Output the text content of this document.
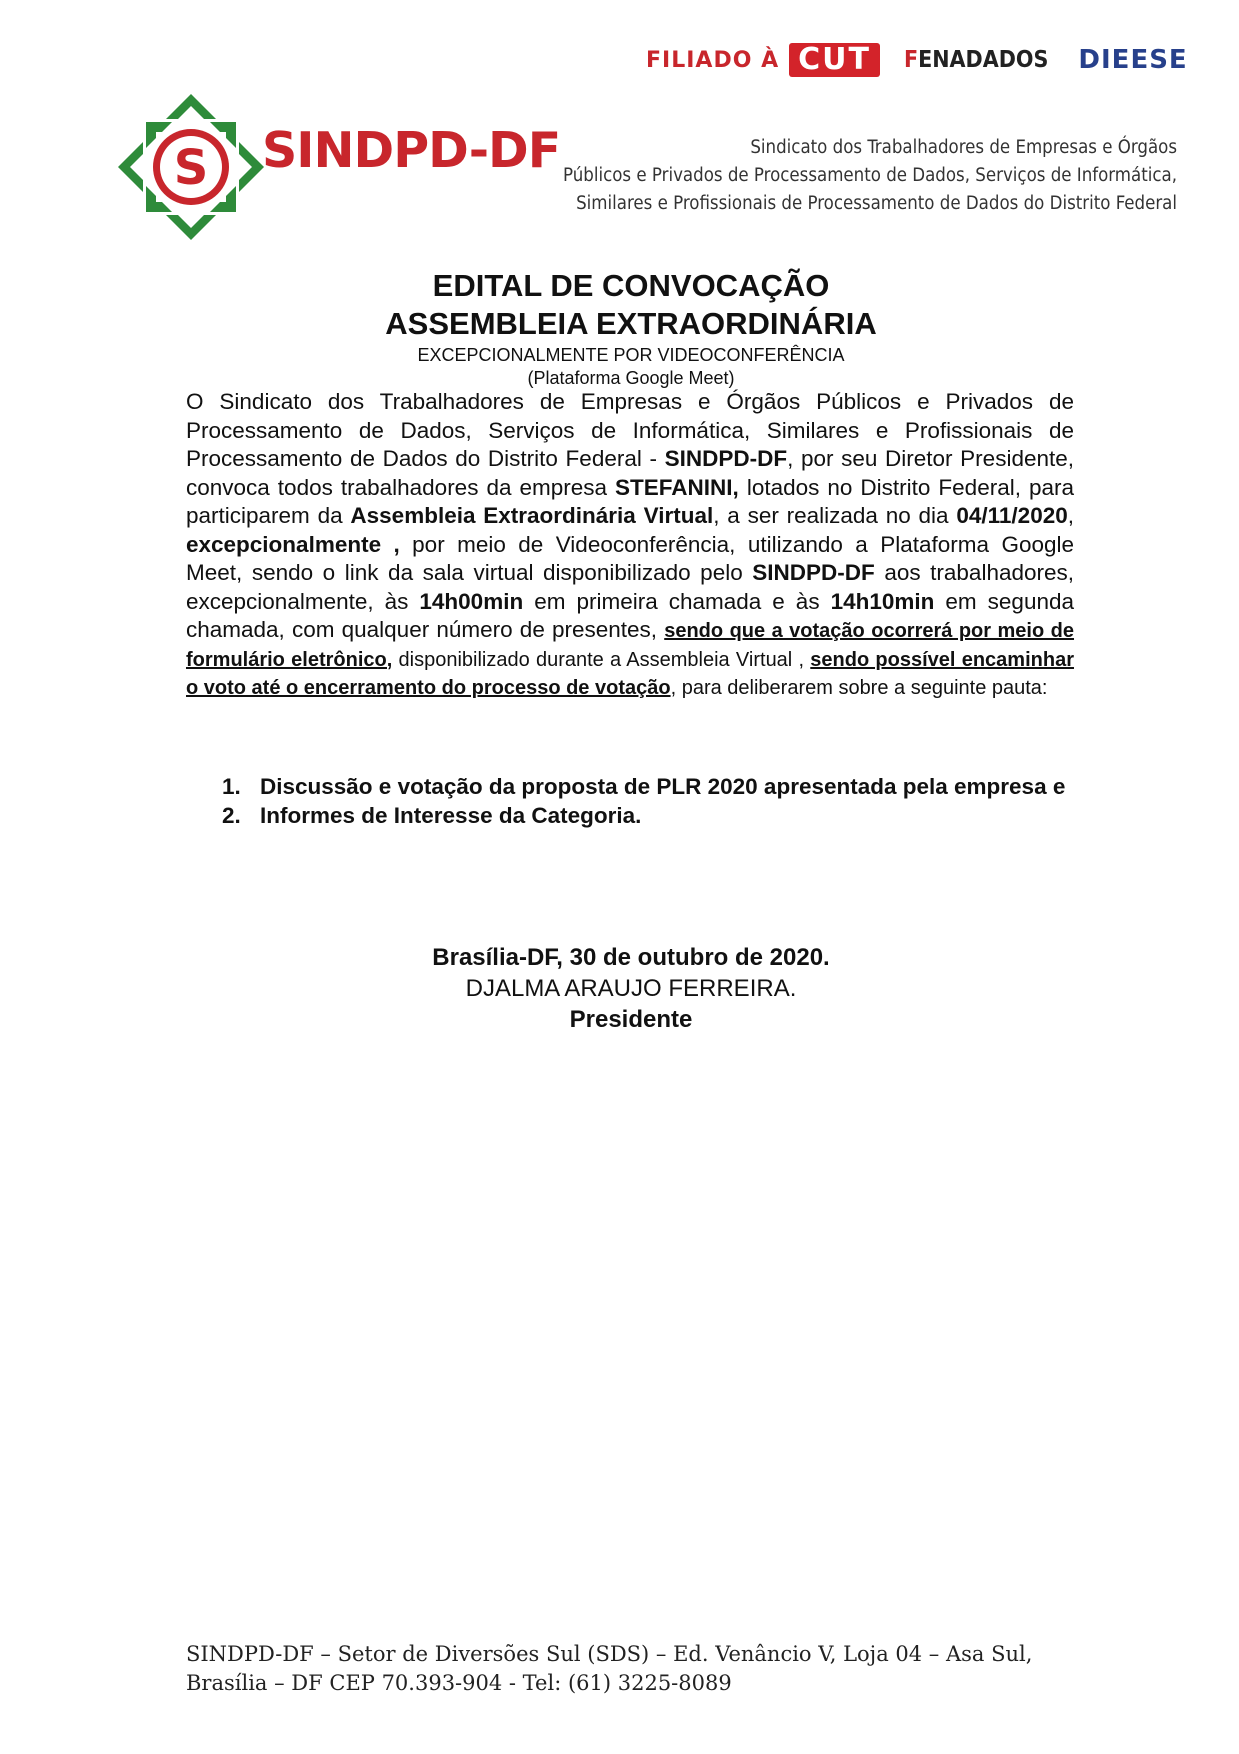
FILIADO À CUT	FENADADOS DIEESE
S SINDPD-DF	Sindicato dos Trabalhadores de Empresas e Órgãos
Públicos e Privados de Processamento de Dados, Serviços de Informática,
Similares e Profissionais de Processamento de Dados do Distrito Federal
EDITAL DE CONVOCAÇÃO
ASSEMBLEIA EXTRAORDINÁRIA
EXCEPCIONALMENTE POR VIDEOCONFERÊNCIA
(Plataforma Google Meet)
O Sindicato dos Trabalhadores de Empresas e Órgãos Públicos e Privados de Processamento de Dados, Serviços de Informática, Similares e Profissionais de Processamento de Dados do Distrito Federal - SINDPD-DF, por seu Diretor Presidente, convoca todos trabalhadores da empresa STEFANINI, lotados no Distrito Federal, para participarem da Assembleia Extraordinária Virtual, a ser realizada no dia 04/11/2020, excepcionalmente , por meio de Videoconferência, utilizando a Plataforma Google Meet, sendo o link da sala virtual disponibilizado pelo SINDPD-DF aos trabalhadores, excepcionalmente, às 14h00min em primeira chamada e às 14h10min em segunda chamada, com qualquer número de presentes, sendo que a votação ocorrerá por meio de formulário eletrônico, disponibilizado durante a Assembleia Virtual , sendo possível encaminhar o voto até o encerramento do processo de votação, para deliberarem sobre a seguinte pauta:
1. Discussão e votação da proposta de PLR 2020 apresentada pela empresa e
2. Informes de Interesse da Categoria.
Brasília-DF, 30 de outubro de 2020.
DJALMA ARAUJO FERREIRA.
Presidente
SINDPD-DF – Setor de Diversões Sul (SDS) – Ed. Venâncio V, Loja 04 – Asa Sul,
Brasília – DF CEP 70.393-904 - Tel: (61) 3225-8089
